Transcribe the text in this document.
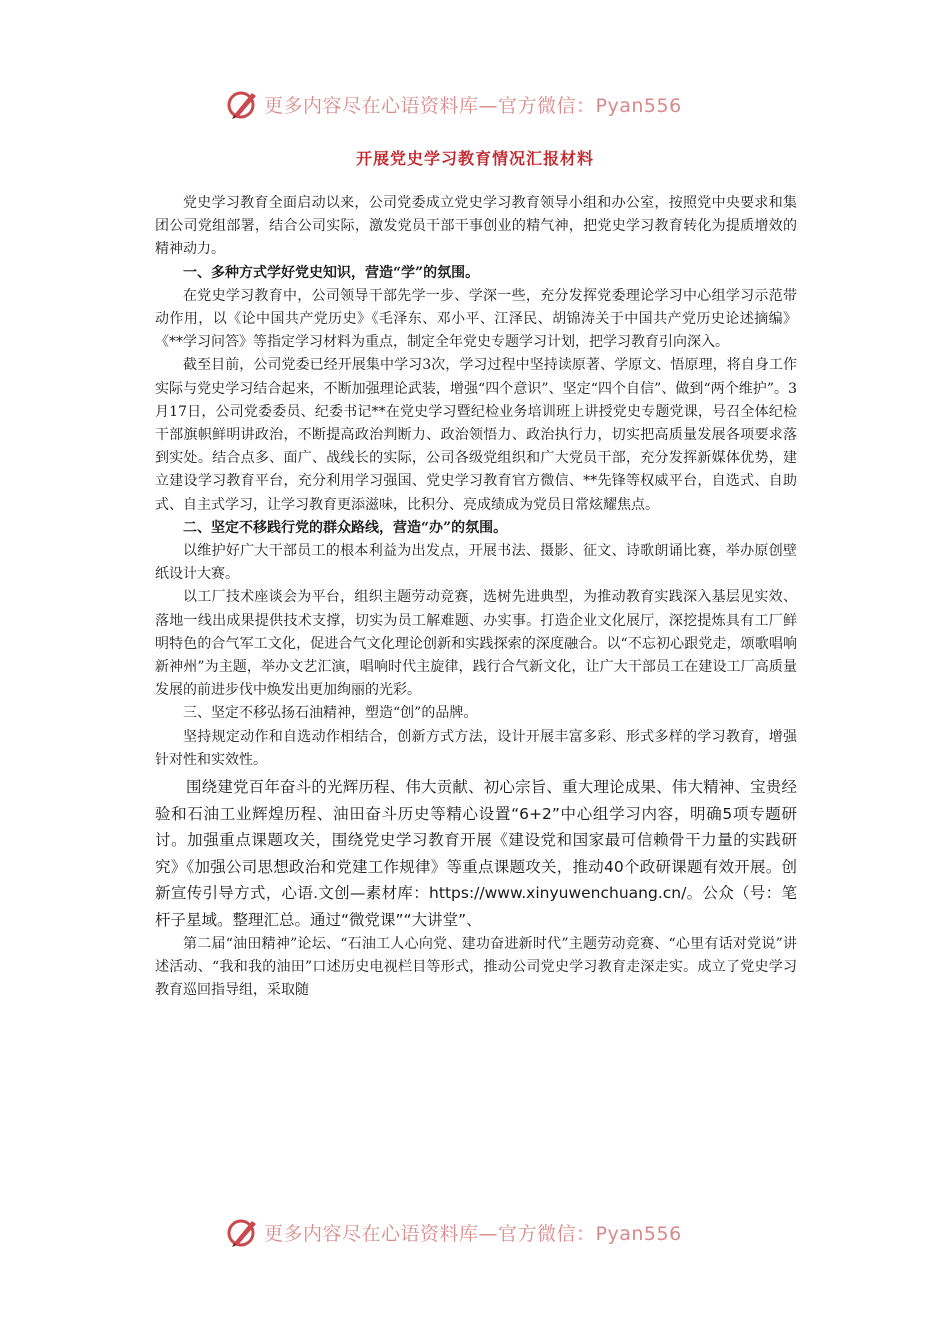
更多内容尽在心语资料库—官方微信：Pyan556
开展党史学习教育情况汇报材料

党史学习教育全面启动以来，公司党委成立党史学习教育领导小组和办公室，按照党中央要求和集团公司党组部署，结合公司实际，激发党员干部干事创业的精气神，把党史学习教育转化为提质增效的精神动力。

一、多种方式学好党史知识，营造“学”的氛围。

在党史学习教育中，公司领导干部先学一步、学深一些，充分发挥党委理论学习中心组学习示范带动作用，以《论中国共产党历史》《毛泽东、邓小平、江泽民、胡锦涛关于中国共产党历史论述摘编》《**学习问答》等指定学习材料为重点，制定全年党史专题学习计划，把学习教育引向深入。

截至目前，公司党委已经开展集中学习3次，学习过程中坚持读原著、学原文、悟原理，将自身工作实际与党史学习结合起来，不断加强理论武装，增强“四个意识”、坚定“四个自信”、做到“两个维护”。3月17日，公司党委委员、纪委书记**在党史学习暨纪检业务培训班上讲授党史专题党课，号召全体纪检干部旗帜鲜明讲政治，不断提高政治判断力、政治领悟力、政治执行力，切实把高质量发展各项要求落到实处。结合点多、面广、战线长的实际，公司各级党组织和广大党员干部，充分发挥新媒体优势，建立建设学习教育平台，充分利用学习强国、党史学习教育官方微信、**先锋等权威平台，自选式、自助式、自主式学习，让学习教育更添滋味，比积分、亮成绩成为党员日常炫耀焦点。

二、坚定不移践行党的群众路线，营造“办”的氛围。

以维护好广大干部员工的根本利益为出发点，开展书法、摄影、征文、诗歌朗诵比赛，举办原创壁纸设计大赛。

以工厂技术座谈会为平台，组织主题劳动竞赛，选树先进典型，为推动教育实践深入基层见实效、落地一线出成果提供技术支撑，切实为员工解难题、办实事。打造企业文化展厅，深挖提炼具有工厂鲜明特色的合气军工文化，促进合气文化理论创新和实践探索的深度融合。以“不忘初心跟党走，颂歌唱响新神州”为主题，举办文艺汇演，唱响时代主旋律，践行合气新文化，让广大干部员工在建设工厂高质量发展的前进步伐中焕发出更加绚丽的光彩。

三、坚定不移弘扬石油精神，塑造“创”的品牌。

坚持规定动作和自选动作相结合，创新方式方法，设计开展丰富多彩、形式多样的学习教育，增强针对性和实效性。

围绕建党百年奋斗的光辉历程、伟大贡献、初心宗旨、重大理论成果、伟大精神、宝贵经验和石油工业辉煌历程、油田奋斗历史等精心设置“6+2”中心组学习内容，明确5项专题研讨。加强重点课题攻关，围绕党史学习教育开展《建设党和国家最可信赖骨干力量的实践研究》《加强公司思想政治和党建工作规律》等重点课题攻关，推动40个政研课题有效开展。创新宣传引导方式，心语.文创—素材库：https://www.xinyuwenchuang.cn/。公众（号：笔杆子星域。整理汇总。通过“微党课”“大讲堂”、

第二届“油田精神”论坛、“石油工人心向党、建功奋进新时代”主题劳动竞赛、“心里有话对党说”讲述活动、“我和我的油田”口述历史电视栏目等形式，推动公司党史学习教育走深走实。成立了党史学习教育巡回指导组，采取随

更多内容尽在心语资料库—官方微信：Pyan556
